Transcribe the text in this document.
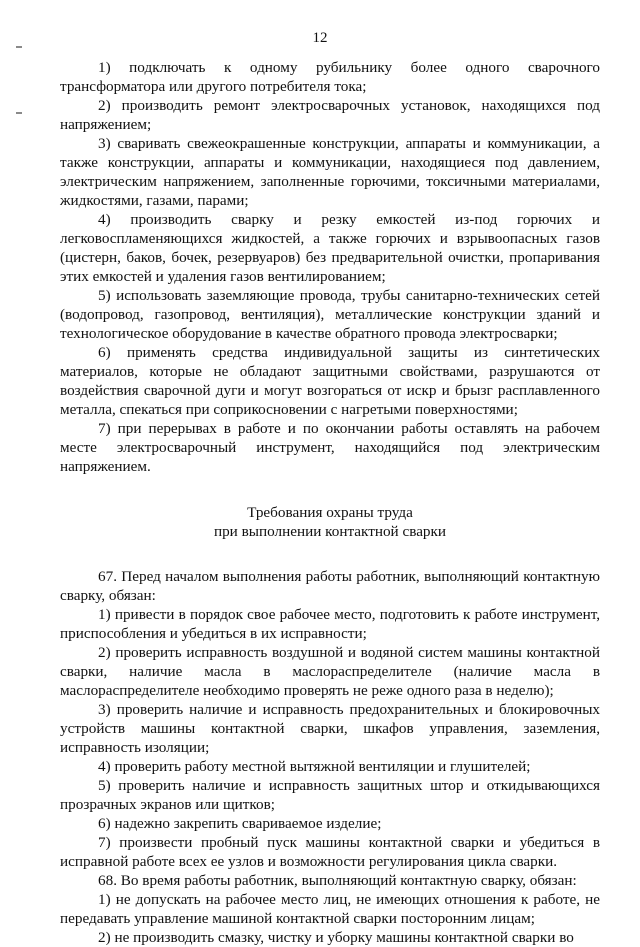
12

1) подключать к одному рубильнику более одного сварочного трансформатора или другого потребителя тока;

2) производить ремонт электросварочных установок, находящихся под напряжением;

3) сваривать свежеокрашенные конструкции, аппараты и коммуникации, а также конструкции, аппараты и коммуникации, находящиеся под давлением, электрическим напряжением, заполненные горючими, токсичными материалами, жидкостями, газами, парами;

4) производить сварку и резку емкостей из-под горючих и легковоспламеняющихся жидкостей, а также горючих и взрывоопасных газов (цистерн, баков, бочек, резервуаров) без предварительной очистки, пропаривания этих емкостей и удаления газов вентилированием;

5) использовать заземляющие провода, трубы санитарно-технических сетей (водопровод, газопровод, вентиляция), металлические конструкции зданий и технологическое оборудование в качестве обратного провода электросварки;

6) применять средства индивидуальной защиты из синтетических материалов, которые не обладают защитными свойствами, разрушаются от воздействия сварочной дуги и могут возгораться от искр и брызг расплавленного металла, спекаться при соприкосновении с нагретыми поверхностями;

7) при перерывах в работе и по окончании работы оставлять на рабочем месте электросварочный инструмент, находящийся под электрическим напряжением.

Требования охраны труда
при выполнении контактной сварки

67. Перед началом выполнения работы работник, выполняющий контактную сварку, обязан:

1) привести в порядок свое рабочее место, подготовить к работе инструмент, приспособления и убедиться в их исправности;

2) проверить исправность воздушной и водяной систем машины контактной сварки, наличие масла в маслораспределителе (наличие масла в маслораспределителе необходимо проверять не реже одного раза в неделю);

3) проверить наличие и исправность предохранительных и блокировочных устройств машины контактной сварки, шкафов управления, заземления, исправность изоляции;

4) проверить работу местной вытяжной вентиляции и глушителей;

5) проверить наличие и исправность защитных штор и откидывающихся прозрачных экранов или щитков;

6) надежно закрепить свариваемое изделие;

7) произвести пробный пуск машины контактной сварки и убедиться в исправной работе всех ее узлов и возможности регулирования цикла сварки.

68. Во время работы работник, выполняющий контактную сварку, обязан:

1) не допускать на рабочее место лиц, не имеющих отношения к работе, не передавать управление машиной контактной сварки посторонним лицам;

2) не производить смазку, чистку и уборку машины контактной сварки во
